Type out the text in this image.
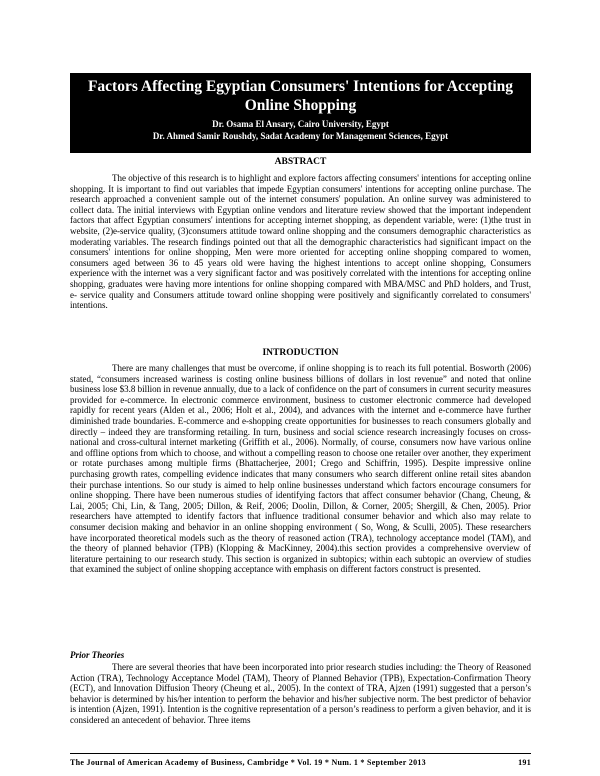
Factors Affecting Egyptian Consumers' Intentions for Accepting
Online Shopping
Dr. Osama El Ansary, Cairo University, Egypt
Dr. Ahmed Samir Roushdy, Sadat Academy for Management Sciences, Egypt
ABSTRACT

The objective of this research is to highlight and explore factors affecting consumers' intentions for accepting online shopping. It is important to find out variables that impede Egyptian consumers' intentions for accepting online purchase. The research approached a convenient sample out of the internet consumers' population. An online survey was administered to collect data. The initial interviews with Egyptian online vendors and literature review showed that the important independent factors that affect Egyptian consumers' intentions for accepting internet shopping, as dependent variable, were: (1)the trust in website, (2)e-service quality, (3)consumers attitude toward online shopping and the consumers demographic characteristics as moderating variables. The research findings pointed out that all the demographic characteristics had significant impact on the consumers' intentions for online shopping, Men were more oriented for accepting online shopping compared to women, consumers aged between 36 to 45 years old were having the highest intentions to accept online shopping, Consumers experience with the internet was a very significant factor and was positively correlated with the intentions for accepting online shopping, graduates were having more intentions for online shopping compared with MBA/MSC and PhD holders, and Trust, e- service quality and Consumers attitude toward online shopping were positively and significantly correlated to consumers' intentions.

INTRODUCTION

There are many challenges that must be overcome, if online shopping is to reach its full potential. Bosworth (2006) stated, “consumers increased wariness is costing online business billions of dollars in lost revenue” and noted that online business lose $3.8 billion in revenue annually, due to a lack of confidence on the part of consumers in current security measures provided for e-commerce. In electronic commerce environment, business to customer electronic commerce had developed rapidly for recent years (Alden et al., 2006; Holt et al., 2004), and advances with the internet and e-commerce have further diminished trade boundaries. E-commerce and e-shopping create opportunities for businesses to reach consumers globally and directly – indeed they are transforming retailing. In turn, business and social science research increasingly focuses on cross-national and cross-cultural internet marketing (Griffith et al., 2006). Normally, of course, consumers now have various online and offline options from which to choose, and without a compelling reason to choose one retailer over another, they experiment or rotate purchases among multiple firms (Bhattacherjee, 2001; Crego and Schiffrin, 1995). Despite impressive online purchasing growth rates, compelling evidence indicates that many consumers who search different online retail sites abandon their purchase intentions. So our study is aimed to help online businesses understand which factors encourage consumers for online shopping. There have been numerous studies of identifying factors that affect consumer behavior (Chang, Cheung, & Lai, 2005; Chi, Lin, & Tang, 2005; Dillon, & Reif, 2006; Doolin, Dillon, & Corner, 2005; Shergill, & Chen, 2005). Prior researchers have attempted to identify factors that influence traditional consumer behavior and which also may relate to consumer decision making and behavior in an online shopping environment ( So, Wong, & Sculli, 2005). These researchers have incorporated theoretical models such as the theory of reasoned action (TRA), technology acceptance model (TAM), and the theory of planned behavior (TPB) (Klopping & MacKinney, 2004).this section provides a comprehensive overview of literature pertaining to our research study. This section is organized in subtopics; within each subtopic an overview of studies that examined the subject of online shopping acceptance with emphasis on different factors construct is presented.

Prior Theories

There are several theories that have been incorporated into prior research studies including: the Theory of Reasoned Action (TRA), Technology Acceptance Model (TAM), Theory of Planned Behavior (TPB), Expectation-Confirmation Theory (ECT), and Innovation Diffusion Theory (Cheung et al., 2005). In the context of TRA, Ajzen (1991) suggested that a person’s behavior is determined by his/her intention to perform the behavior and his/her subjective norm. The best predictor of behavior is intention (Ajzen, 1991). Intention is the cognitive representation of a person’s readiness to perform a given behavior, and it is considered an antecedent of behavior. Three items

The Journal of American Academy of Business, Cambridge * Vol. 19 * Num. 1 * September 2013	191
